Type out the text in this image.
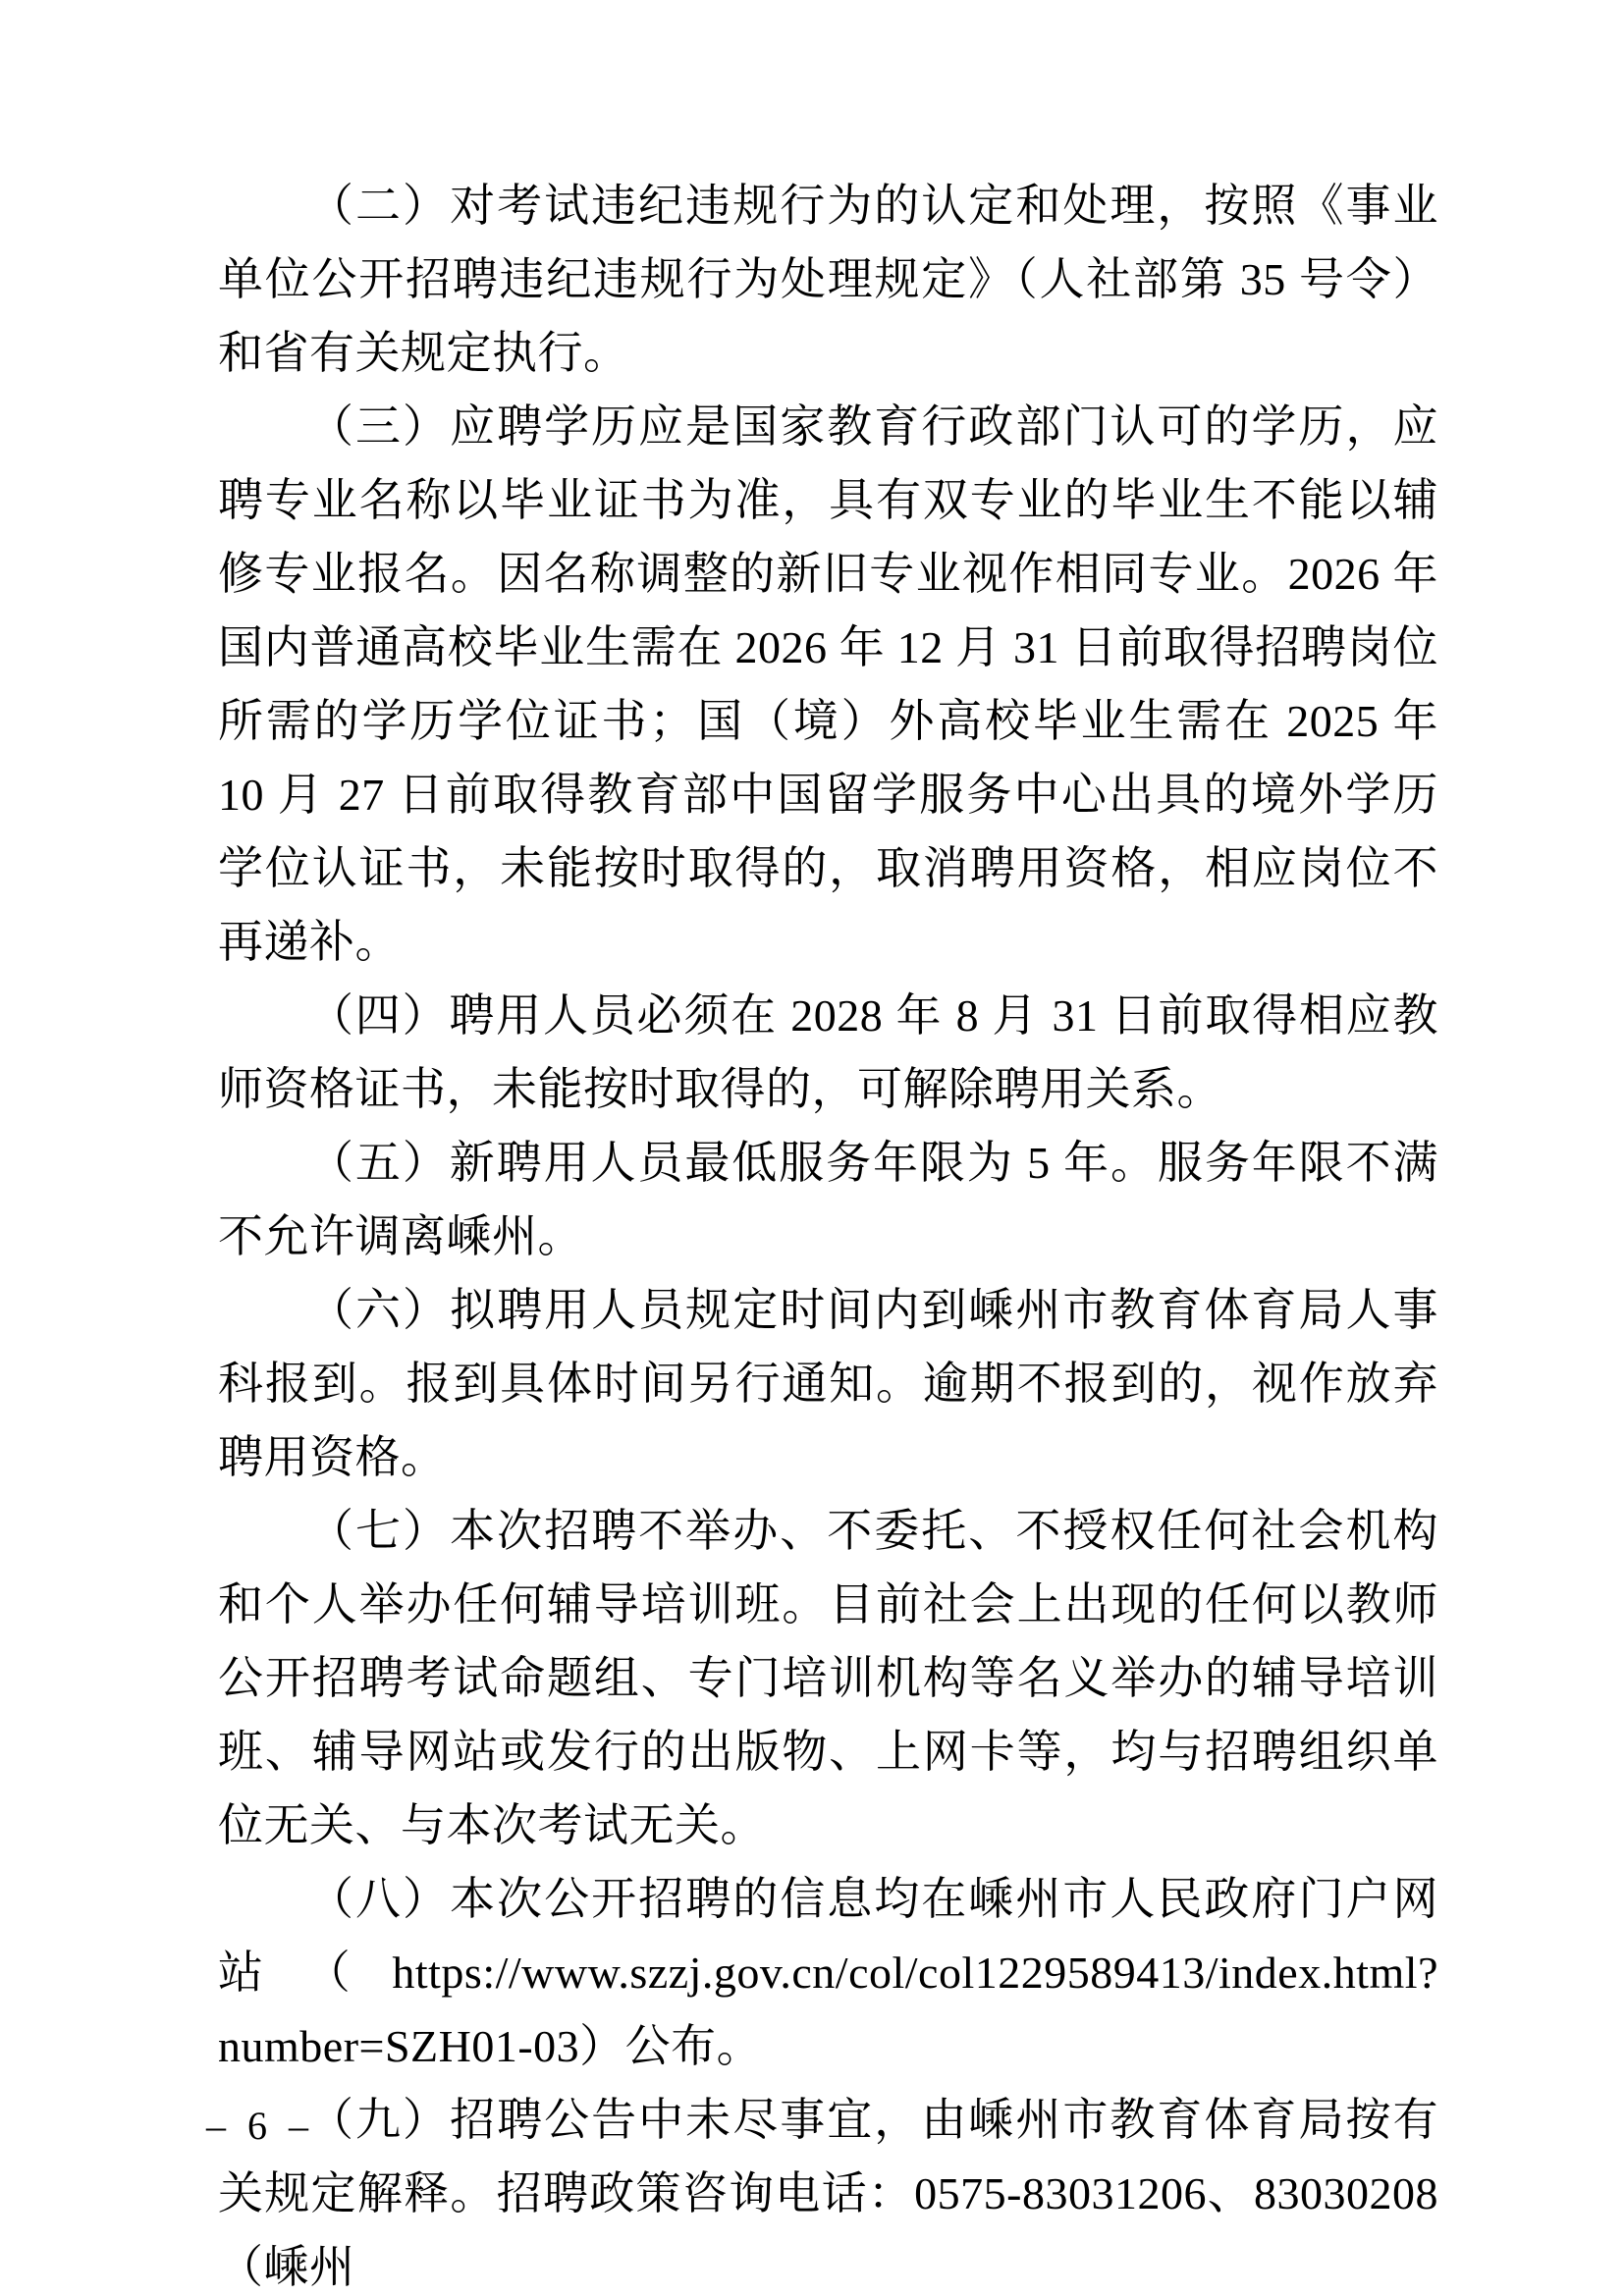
（二）对考试违纪违规行为的认定和处理，按照《事业单位公开招聘违纪违规行为处理规定》（人社部第 35 号令）和省有关规定执行。

（三）应聘学历应是国家教育行政部门认可的学历，应聘专业名称以毕业证书为准，具有双专业的毕业生不能以辅修专业报名。因名称调整的新旧专业视作相同专业。2026 年国内普通高校毕业生需在 2026 年 12 月 31 日前取得招聘岗位所需的学历学位证书；国（境）外高校毕业生需在 2025 年 10 月 27 日前取得教育部中国留学服务中心出具的境外学历学位认证书，未能按时取得的，取消聘用资格，相应岗位不再递补。

（四）聘用人员必须在 2028 年 8 月 31 日前取得相应教师资格证书，未能按时取得的，可解除聘用关系。

（五）新聘用人员最低服务年限为 5 年。服务年限不满不允许调离嵊州。

（六）拟聘用人员规定时间内到嵊州市教育体育局人事科报到。报到具体时间另行通知。逾期不报到的，视作放弃聘用资格。

（七）本次招聘不举办、不委托、不授权任何社会机构和个人举办任何辅导培训班。目前社会上出现的任何以教师公开招聘考试命题组、专门培训机构等名义举办的辅导培训班、辅导网站或发行的出版物、上网卡等，均与招聘组织单位无关、与本次考试无关。

（八）本次公开招聘的信息均在嵊州市人民政府门户网站（https://www.szzj.gov.cn/col/col1229589413/index.html?number=SZH01-03）公布。

（九）招聘公告中未尽事宜，由嵊州市教育体育局按有关规定解释。招聘政策咨询电话：0575-83031206、83030208（嵊州

– 6 –
